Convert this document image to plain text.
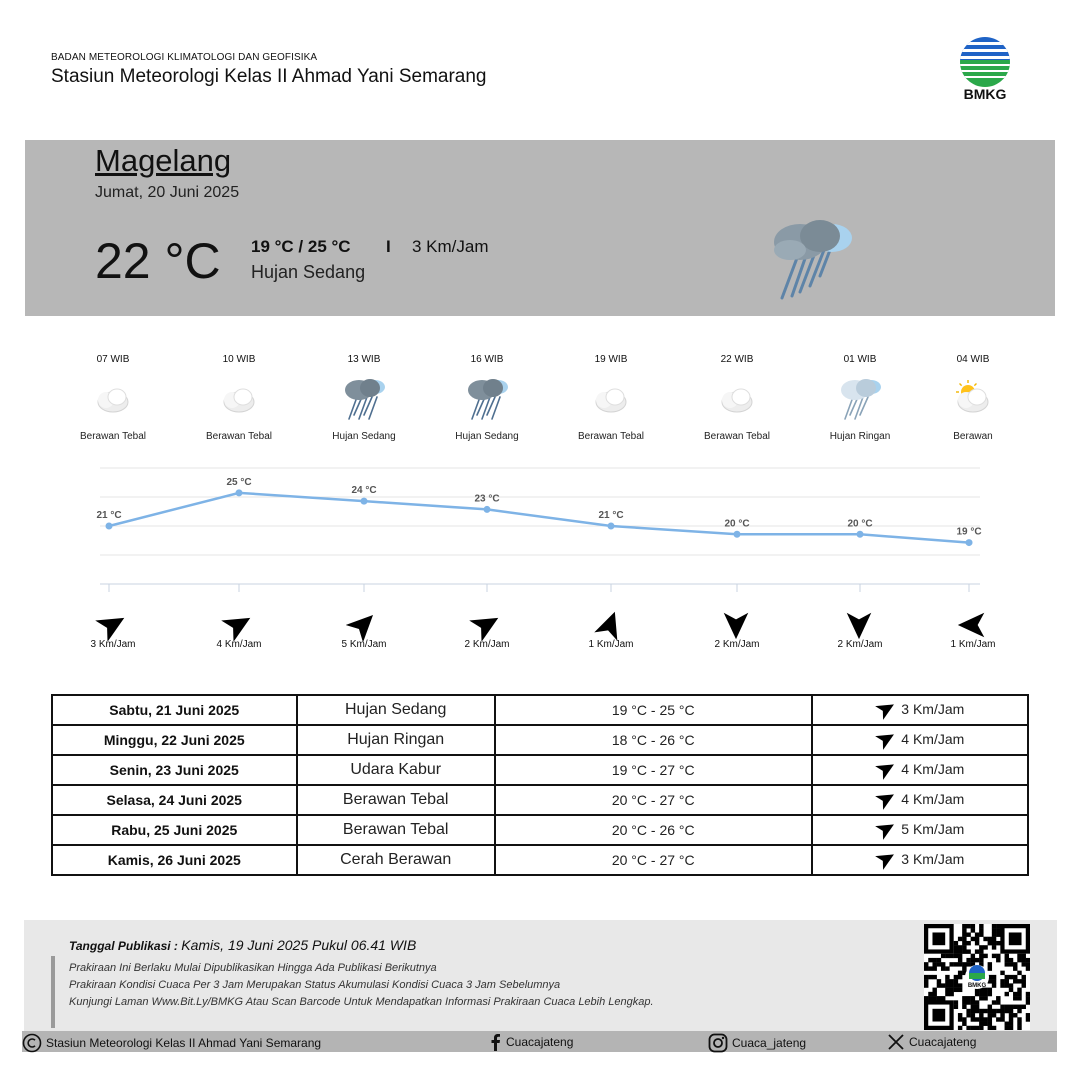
BADAN METEOROLOGI KLIMATOLOGI DAN GEOFISIKA
Stasiun Meteorologi Kelas II Ahmad Yani Semarang
BMKG
Magelang
Jumat, 20 Juni 2025
22 °C 19 °C / 25 °C I 3 Km/Jam
Hujan Sedang
07 WIB
Berawan Tebal
3 Km/Jam
10 WIB
Berawan Tebal
4 Km/Jam
13 WIB
Hujan Sedang
5 Km/Jam
16 WIB
Hujan Sedang
2 Km/Jam
19 WIB
Berawan Tebal
1 Km/Jam
22 WIB
Berawan Tebal
2 Km/Jam
01 WIB
Hujan Ringan
2 Km/Jam
04 WIB
Berawan
1 Km/Jam
21 °C
25 °C
24 °C
23 °C
21 °C
20 °C	20 °C
19 °C
Sabtu, 21 Juni 2025	Hujan Sedang	19 °C - 25 °C	3 Km/Jam
Minggu, 22 Juni 2025	Hujan Ringan	18 °C - 26 °C	4 Km/Jam
Senin, 23 Juni 2025	Udara Kabur	19 °C - 27 °C	4 Km/Jam
Selasa, 24 Juni 2025	Berawan Tebal	20 °C - 27 °C	4 Km/Jam
Rabu, 25 Juni 2025	Berawan Tebal	20 °C - 26 °C	5 Km/Jam
Kamis, 26 Juni 2025	Cerah Berawan	20 °C - 27 °C	3 Km/Jam
Tanggal Publikasi : Kamis, 19 Juni 2025 Pukul 06.41 WIB
Prakiraan Ini Berlaku Mulai Dipublikasikan Hingga Ada Publikasi Berikutnya
Prakiraan Kondisi Cuaca Per 3 Jam Merupakan Status Akumulasi Kondisi Cuaca 3 Jam Sebelumnya
Kunjungi Laman Www.Bit.Ly/BMKG Atau Scan Barcode Untuk Mendapatkan Informasi Prakiraan Cuaca Lebih Lengkap.
BMKG
Stasiun Meteorologi Kelas II Ahmad Yani Semarang	Cuacajateng	Cuaca_jateng	Cuacajateng
